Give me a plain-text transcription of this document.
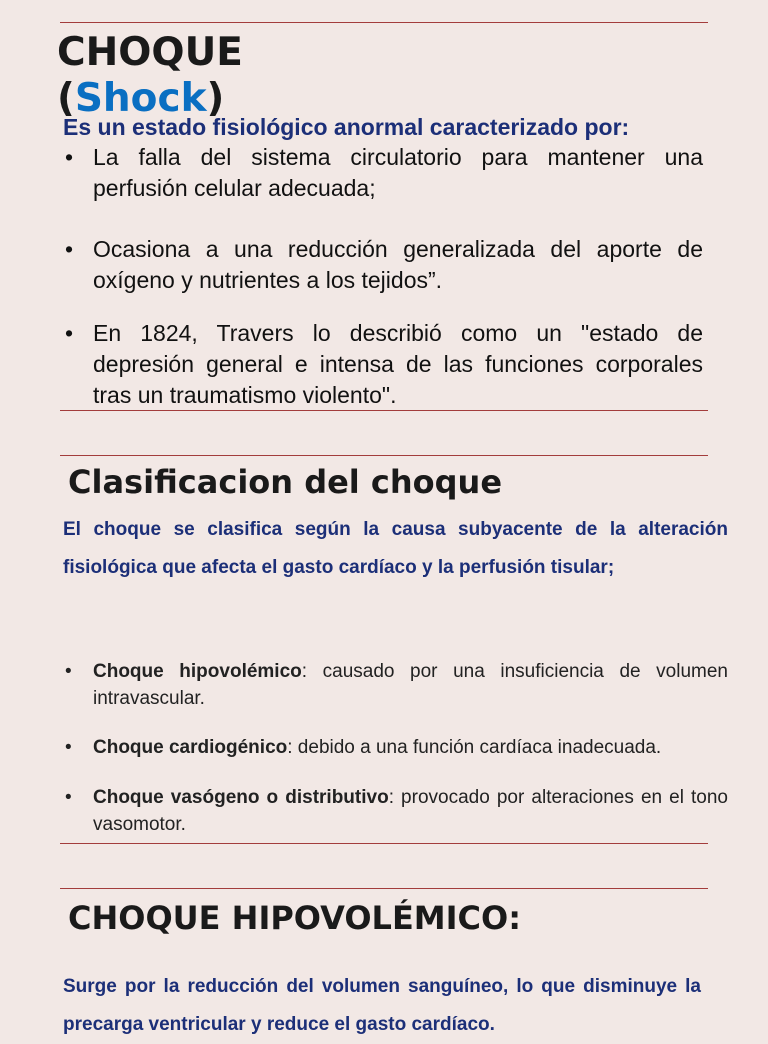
CHOQUE
(Shock)

Es un estado fisiológico anormal caracterizado por:

• La falla del sistema circulatorio para mantener una perfusión celular adecuada;
• Ocasiona a una reducción generalizada del aporte de oxígeno y nutrientes a los tejidos”.
• En 1824, Travers lo describió como un "estado de depresión general e intensa de las funciones corporales tras un traumatismo violento".
Clasificacion del choque

El choque se clasifica según la causa subyacente de la alteración fisiológica que afecta el gasto cardíaco y la perfusión tisular;

• Choque hipovolémico: causado por una insuficiencia de volumen intravascular.
• Choque cardiogénico: debido a una función cardíaca inadecuada.
• Choque vasógeno o distributivo: provocado por alteraciones en el tono vasomotor.
CHOQUE HIPOVOLÉMICO:

Surge por la reducción del volumen sanguíneo, lo que disminuye la precarga ventricular y reduce el gasto cardíaco.
